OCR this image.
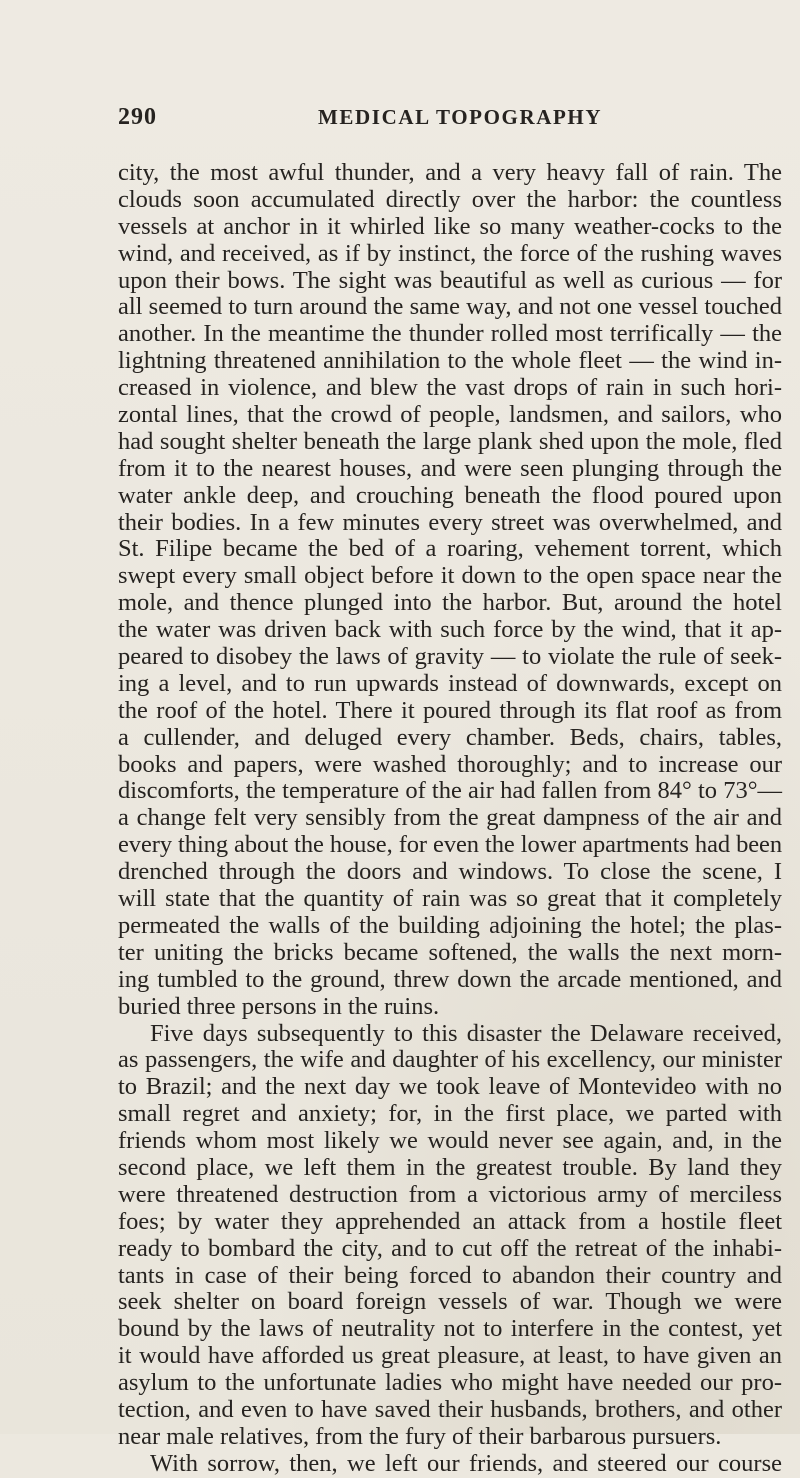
290	MEDICAL TOPOGRAPHY
city, the most awful thunder, and a very heavy fall of rain. The
clouds soon accumulated directly over the harbor: the countless
vessels at anchor in it whirled like so many weather-cocks to the
wind, and received, as if by instinct, the force of the rushing waves
upon their bows. The sight was beautiful as well as curious — for
all seemed to turn around the same way, and not one vessel touched
another. In the meantime the thunder rolled most terrifically — the
lightning threatened annihilation to the whole fleet — the wind in-
creased in violence, and blew the vast drops of rain in such hori-
zontal lines, that the crowd of people, landsmen, and sailors, who
had sought shelter beneath the large plank shed upon the mole, fled
from it to the nearest houses, and were seen plunging through the
water ankle deep, and crouching beneath the flood poured upon
their bodies. In a few minutes every street was overwhelmed, and
St. Filipe became the bed of a roaring, vehement torrent, which
swept every small object before it down to the open space near the
mole, and thence plunged into the harbor. But, around the hotel
the water was driven back with such force by the wind, that it ap-
peared to disobey the laws of gravity — to violate the rule of seek-
ing a level, and to run upwards instead of downwards, except on
the roof of the hotel. There it poured through its flat roof as from
a cullender, and deluged every chamber. Beds, chairs, tables,
books and papers, were washed thoroughly; and to increase our
discomforts, the temperature of the air had fallen from 84° to 73°—
a change felt very sensibly from the great dampness of the air and
every thing about the house, for even the lower apartments had been
drenched through the doors and windows. To close the scene, I
will state that the quantity of rain was so great that it completely
permeated the walls of the building adjoining the hotel; the plas-
ter uniting the bricks became softened, the walls the next morn-
ing tumbled to the ground, threw down the arcade mentioned, and
buried three persons in the ruins.
Five days subsequently to this disaster the Delaware received,
as passengers, the wife and daughter of his excellency, our minister
to Brazil; and the next day we took leave of Montevideo with no
small regret and anxiety; for, in the first place, we parted with
friends whom most likely we would never see again, and, in the
second place, we left them in the greatest trouble. By land they
were threatened destruction from a victorious army of merciless
foes; by water they apprehended an attack from a hostile fleet
ready to bombard the city, and to cut off the retreat of the inhabi-
tants in case of their being forced to abandon their country and
seek shelter on board foreign vessels of war. Though we were
bound by the laws of neutrality not to interfere in the contest, yet
it would have afforded us great pleasure, at least, to have given an
asylum to the unfortunate ladies who might have needed our pro-
tection, and even to have saved their husbands, brothers, and other
near male relatives, from the fury of their barbarous pursuers.
With sorrow, then, we left our friends, and steered our course
